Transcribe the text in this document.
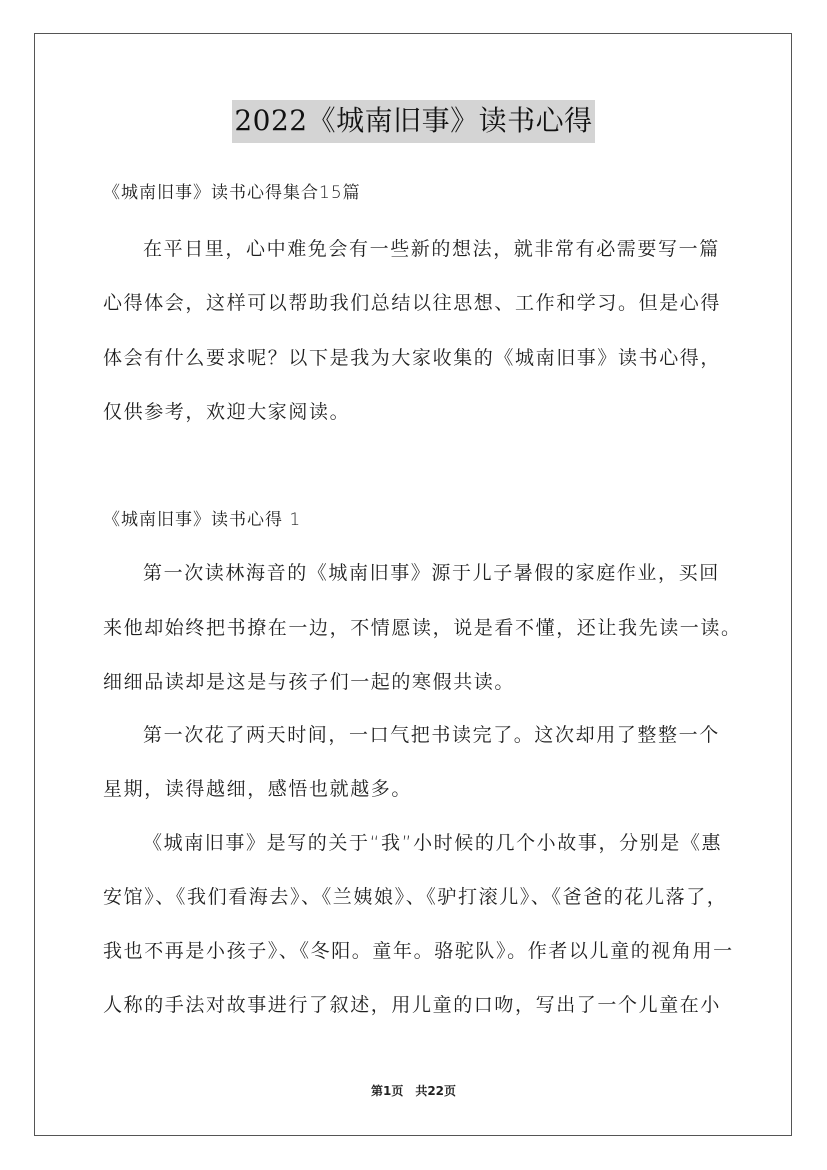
2022《城南旧事》读书心得

《城南旧事》读书心得集合15篇

在平日里，心中难免会有一些新的想法，就非常有必需要写一篇

心得体会，这样可以帮助我们总结以往思想、工作和学习。但是心得

体会有什么要求呢？以下是我为大家收集的《城南旧事》读书心得，

仅供参考，欢迎大家阅读。

《城南旧事》读书心得 1

第一次读林海音的《城南旧事》源于儿子暑假的家庭作业，买回

来他却始终把书撩在一边，不情愿读，说是看不懂，还让我先读一读。

细细品读却是这是与孩子们一起的寒假共读。

第一次花了两天时间，一口气把书读完了。这次却用了整整一个

星期，读得越细，感悟也就越多。

《城南旧事》是写的关于“我”小时候的几个小故事，分别是《惠

安馆》、《我们看海去》、《兰姨娘》、《驴打滚儿》、《爸爸的花儿落了，

我也不再是小孩子》、《冬阳。童年。骆驼队》。作者以儿童的视角用一

人称的手法对故事进行了叙述，用儿童的口吻，写出了一个儿童在小

第1页　共22页
